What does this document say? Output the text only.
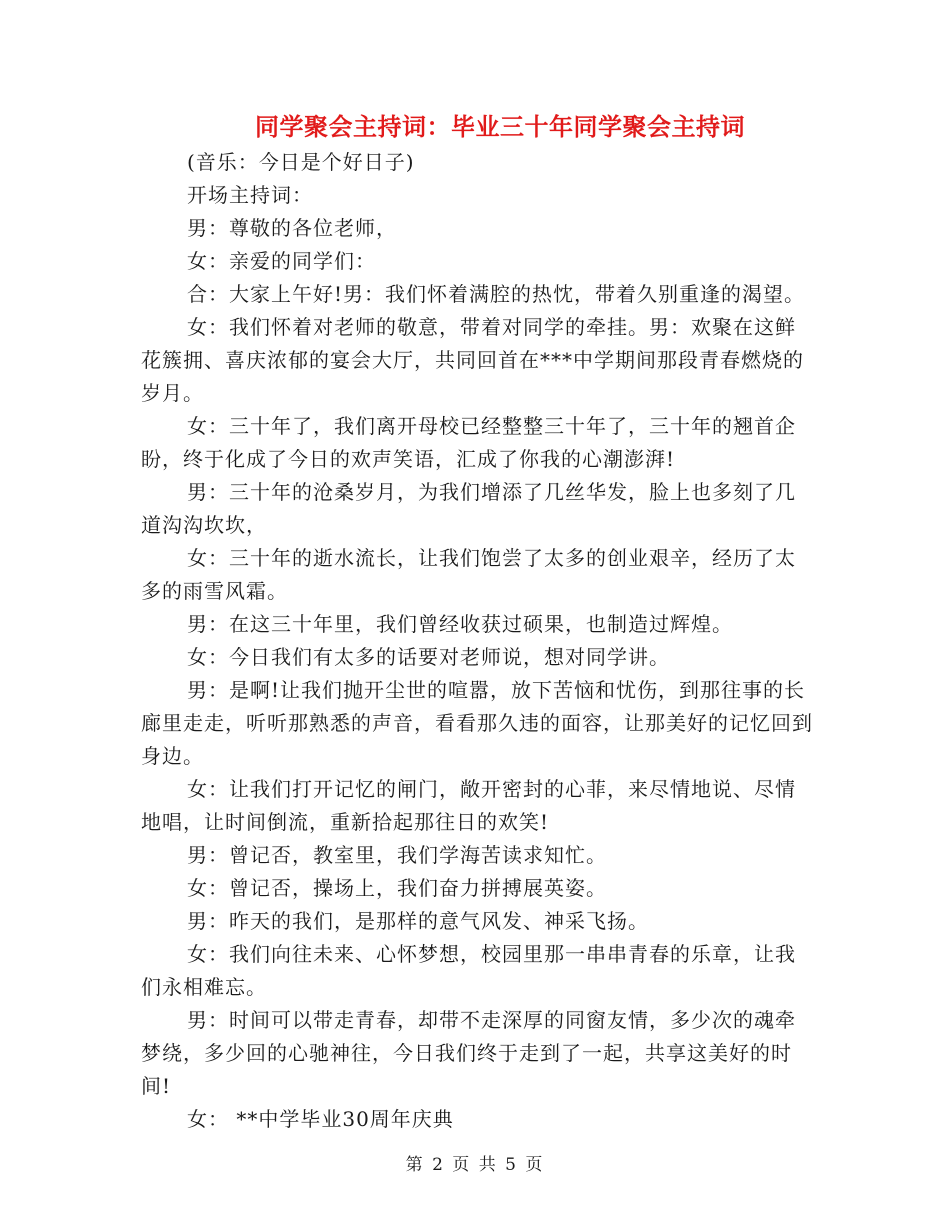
同学聚会主持词：毕业三十年同学聚会主持词

(音乐：今日是个好日子)

开场主持词：

男：尊敬的各位老师，

女：亲爱的同学们：

合：大家上午好!男：我们怀着满腔的热忱，带着久别重逢的渴望。

女：我们怀着对老师的敬意，带着对同学的牵挂。男：欢聚在这鲜花簇拥、喜庆浓郁的宴会大厅，共同回首在***中学期间那段青春燃烧的岁月。

女：三十年了，我们离开母校已经整整三十年了，三十年的翘首企盼，终于化成了今日的欢声笑语，汇成了你我的心潮澎湃!

男：三十年的沧桑岁月，为我们增添了几丝华发，脸上也多刻了几道沟沟坎坎，

女：三十年的逝水流长，让我们饱尝了太多的创业艰辛，经历了太多的雨雪风霜。

男：在这三十年里，我们曾经收获过硕果，也制造过辉煌。

女：今日我们有太多的话要对老师说，想对同学讲。

男：是啊!让我们抛开尘世的喧嚣，放下苦恼和忧伤，到那往事的长廊里走走，听听那熟悉的声音，看看那久违的面容，让那美好的记忆回到身边。

女：让我们打开记忆的闸门，敞开密封的心菲，来尽情地说、尽情地唱，让时间倒流，重新拾起那往日的欢笑!

男：曾记否，教室里，我们学海苦读求知忙。

女：曾记否，操场上，我们奋力拼搏展英姿。

男：昨天的我们，是那样的意气风发、神采飞扬。

女：我们向往未来、心怀梦想，校园里那一串串青春的乐章，让我们永相难忘。

男：时间可以带走青春，却带不走深厚的同窗友情，多少次的魂牵梦绕，多少回的心驰神往，今日我们终于走到了一起，共享这美好的时间!

女： **中学毕业30周年庆典

第 2 页 共 5 页
